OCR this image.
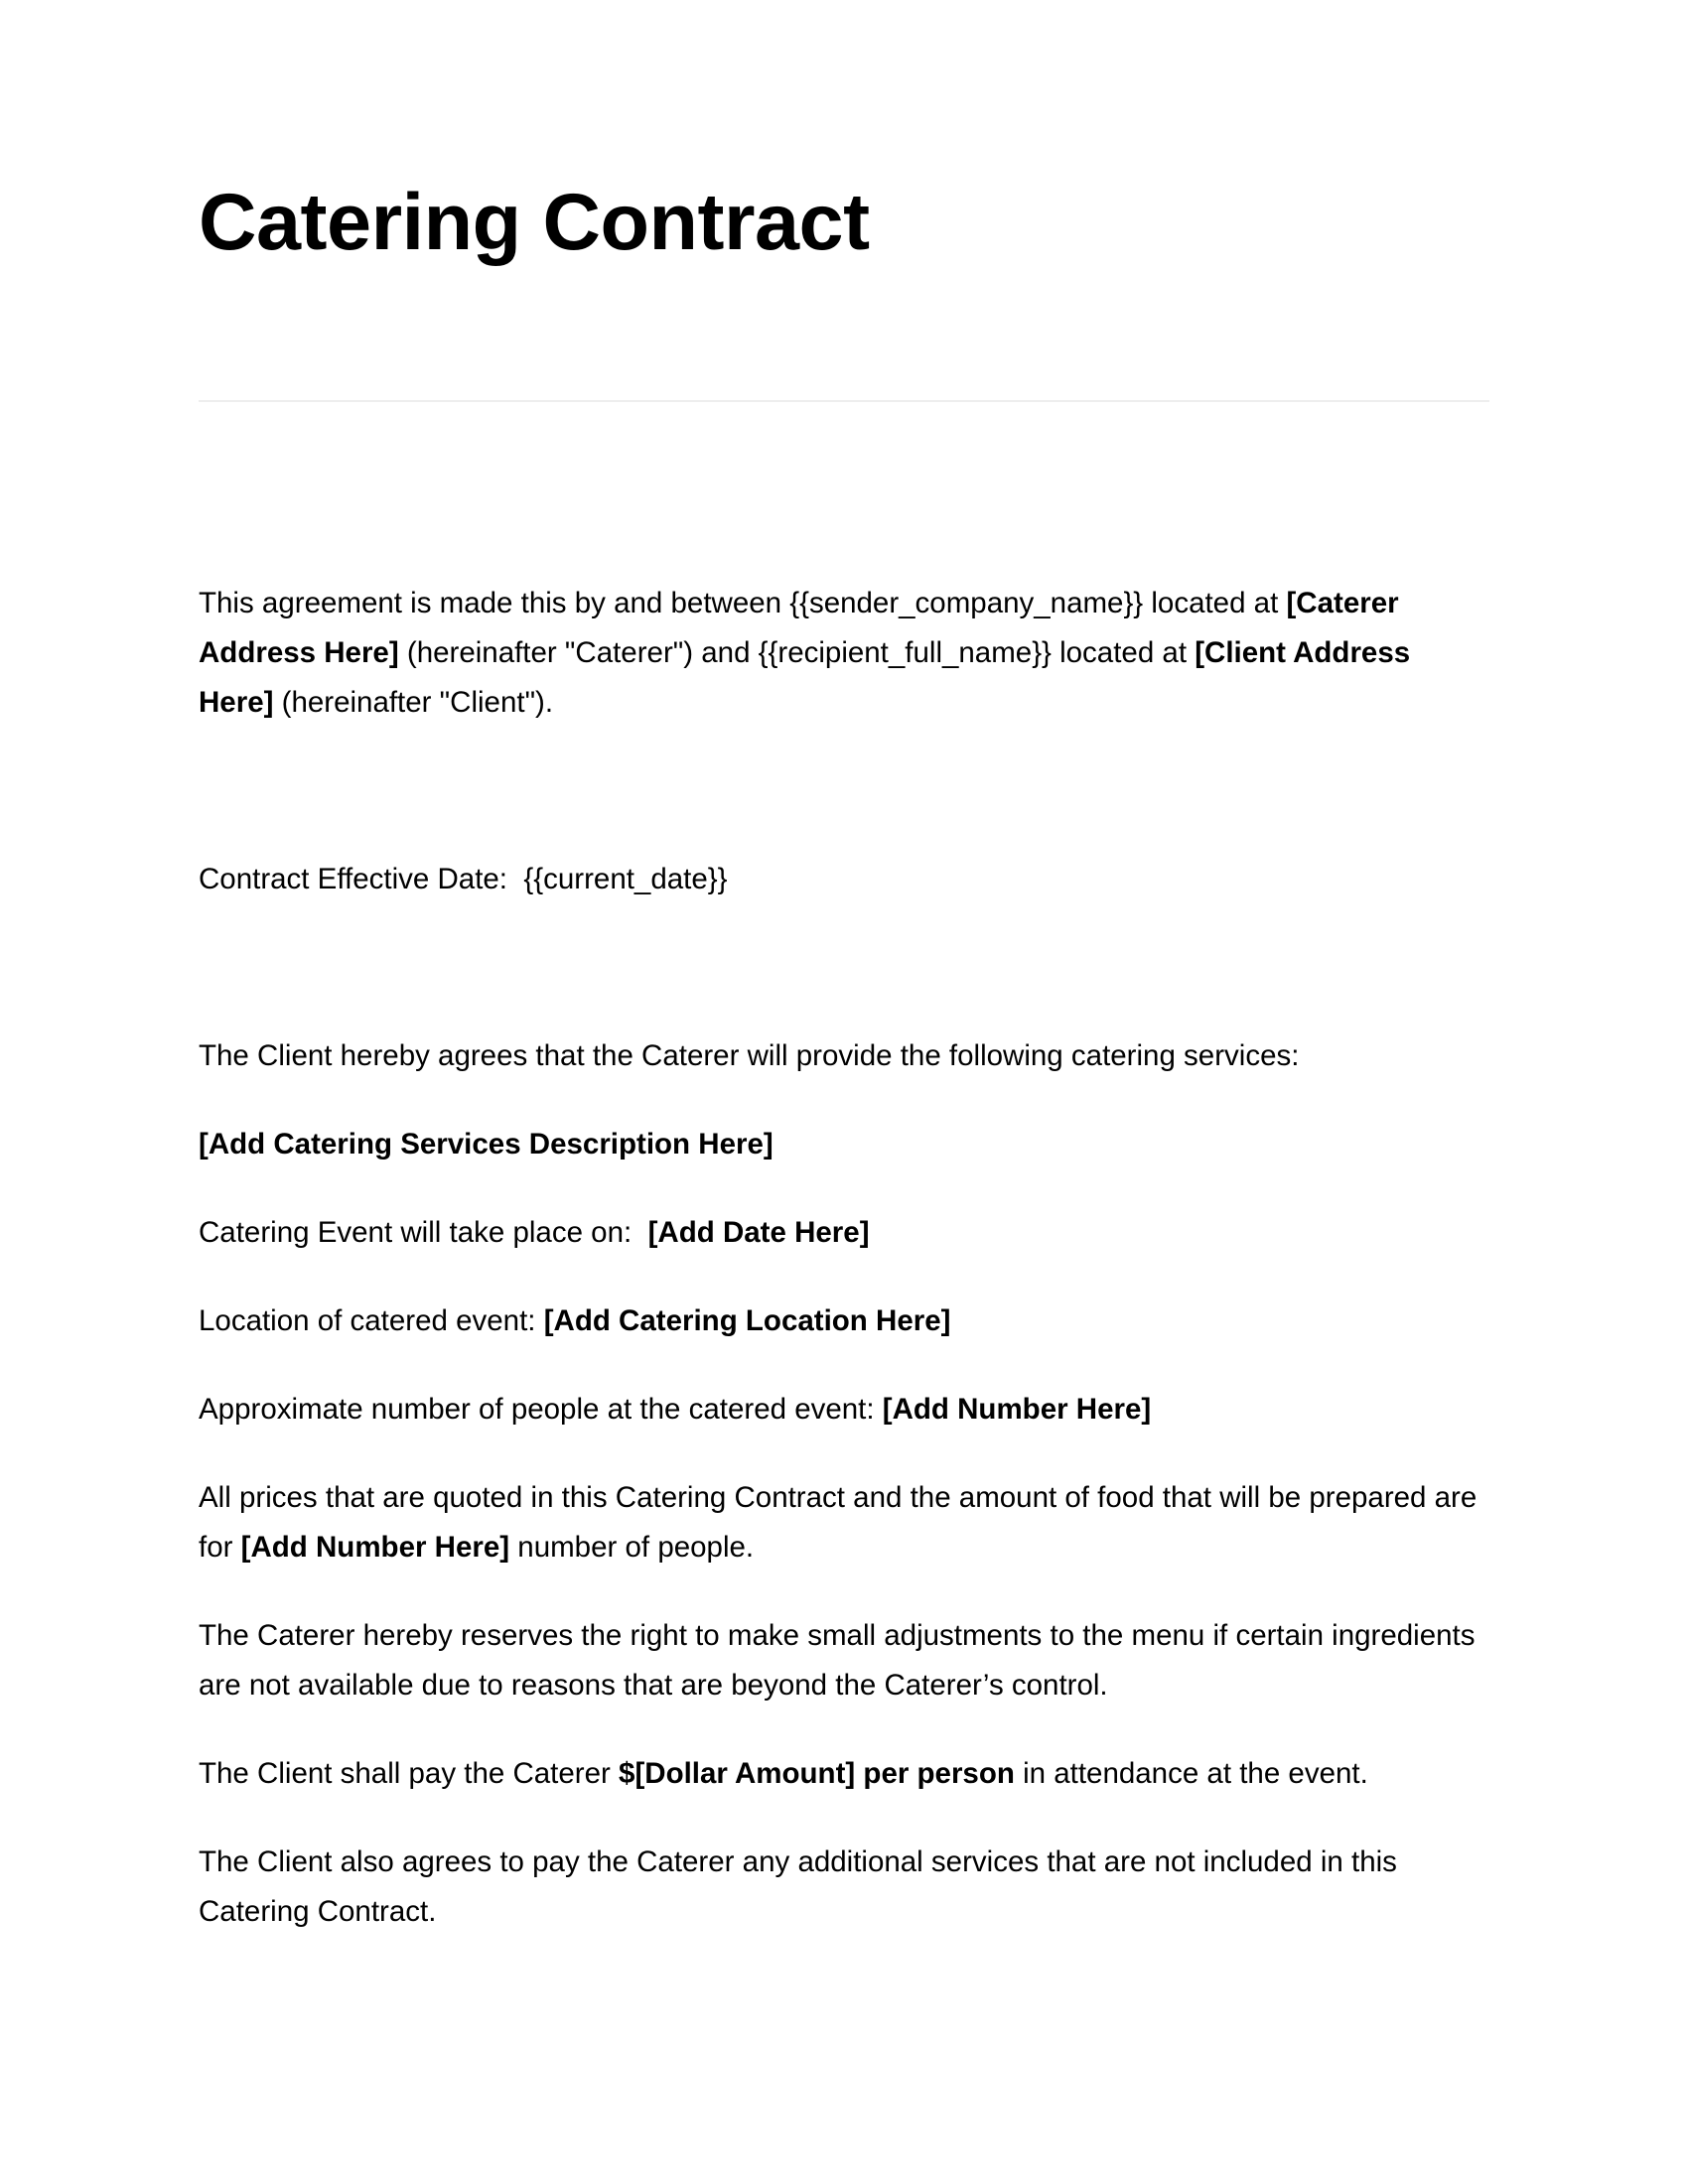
Catering Contract

This agreement is made this by and between {{sender_company_name}} located at [Caterer
Address Here] (hereinafter "Caterer") and {{recipient_full_name}} located at [Client Address
Here] (hereinafter "Client").

Contract Effective Date: {{current_date}}

The Client hereby agrees that the Caterer will provide the following catering services:

[Add Catering Services Description Here]

Catering Event will take place on: [Add Date Here]

Location of catered event: [Add Catering Location Here]

Approximate number of people at the catered event: [Add Number Here]

All prices that are quoted in this Catering Contract and the amount of food that will be prepared are
for [Add Number Here] number of people.

The Caterer hereby reserves the right to make small adjustments to the menu if certain ingredients
are not available due to reasons that are beyond the Caterer’s control.

The Client shall pay the Caterer $[Dollar Amount] per person in attendance at the event.

The Client also agrees to pay the Caterer any additional services that are not included in this
Catering Contract.
